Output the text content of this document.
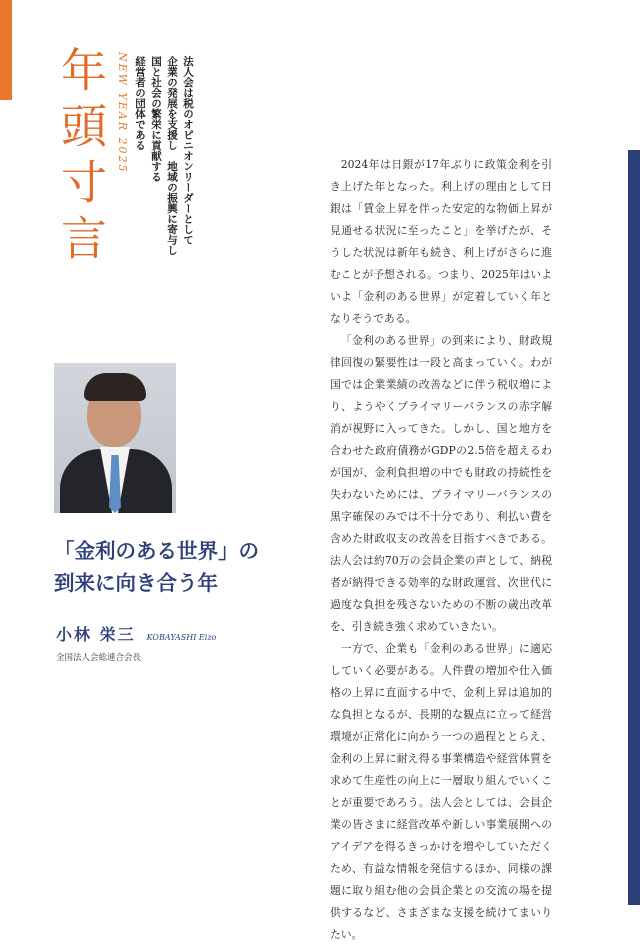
年頭寸言 NEW YEAR 2025	法人会は税のオピニオンリーダーとして
企業の発展を支援し　地域の振興に寄与し
国と社会の繁栄に貢献する
経営者の団体である
「金利のある世界」の
到来に向き合う年
小林 栄三 KOBAYASHI Eizo
全国法人会総連合会長

2024年は日銀が17年ぶりに政策金利を引き上げた年となった。利上げの理由として日銀は「賃金上昇を伴った安定的な物価上昇が見通せる状況に至ったこと」を挙げたが、そうした状況は新年も続き、利上げがさらに進むことが予想される。つまり、2025年はいよいよ「金利のある世界」が定着していく年となりそうである。

「金利のある世界」の到来により、財政規律回復の緊要性は一段と高まっていく。わが国では企業業績の改善などに伴う税収増により、ようやくプライマリーバランスの赤字解消が視野に入ってきた。しかし、国と地方を合わせた政府債務がGDPの2.5倍を超えるわが国が、金利負担増の中でも財政の持続性を失わないためには、プライマリーバランスの黒字確保のみでは不十分であり、利払い費を含めた財政収支の改善を目指すべきである。法人会は約70万の会員企業の声として、納税者が納得できる効率的な財政運営、次世代に過度な負担を残さないための不断の歳出改革を、引き続き強く求めていきたい。

一方で、企業も「金利のある世界」に適応していく必要がある。人件費の増加や仕入価格の上昇に直面する中で、金利上昇は追加的な負担となるが、長期的な観点に立って経営環境が正常化に向かう一つの過程ととらえ、金利の上昇に耐え得る事業構造や経営体質を求めて生産性の向上に一層取り組んでいくことが重要であろう。法人会としては、会員企業の皆さまに経営改革や新しい事業展開へのアイデアを得るきっかけを増やしていただくため、有益な情報を発信するほか、同様の課題に取り組む他の会員企業との交流の場を提供するなど、さまざまな支援を続けてまいりたい。
